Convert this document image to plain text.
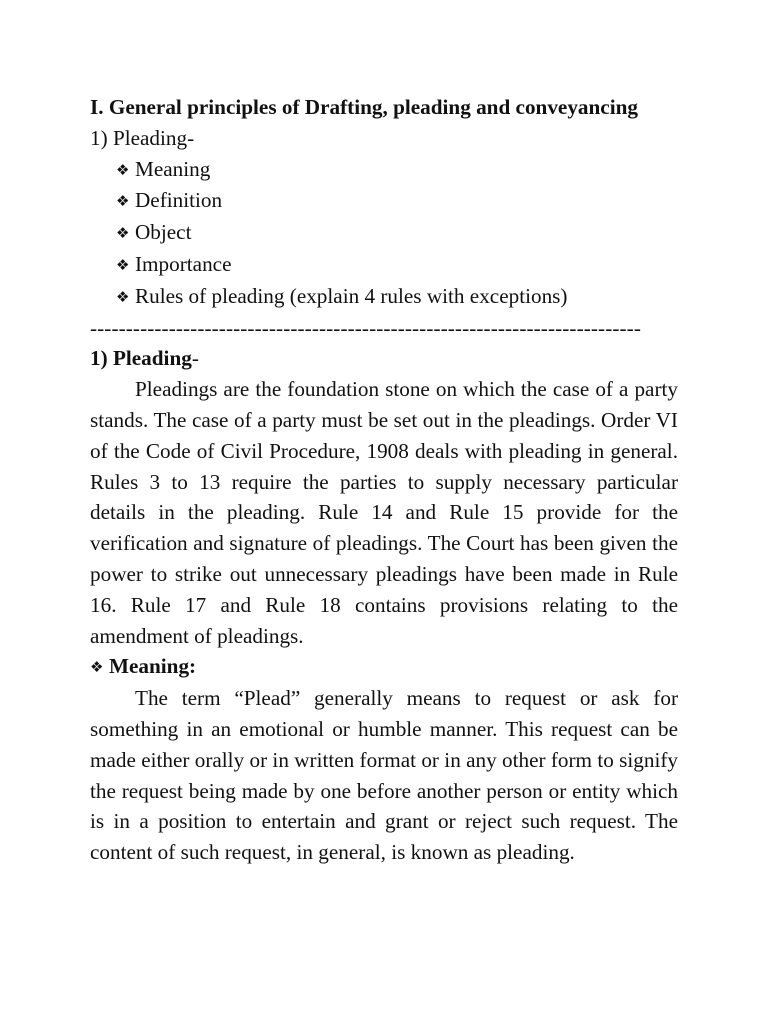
I. General principles of Drafting, pleading and conveyancing
1) Pleading-
❖ Meaning
❖ Definition
❖ Object
❖ Importance
❖ Rules of pleading (explain 4 rules with exceptions)
-----------------------------------------------------------------------------
1) Pleading-

Pleadings are the foundation stone on which the case of a party stands. The case of a party must be set out in the pleadings. Order VI of the Code of Civil Procedure, 1908 deals with pleading in general. Rules 3 to 13 require the parties to supply necessary particular details in the pleading. Rule 14 and Rule 15 provide for the verification and signature of pleadings. The Court has been given the power to strike out unnecessary pleadings have been made in Rule 16. Rule 17 and Rule 18 contains provisions relating to the amendment of pleadings.

❖ Meaning:

The term “Plead” generally means to request or ask for something in an emotional or humble manner. This request can be made either orally or in written format or in any other form to signify the request being made by one before another person or entity which is in a position to entertain and grant or reject such request. The content of such request, in general, is known as pleading.
